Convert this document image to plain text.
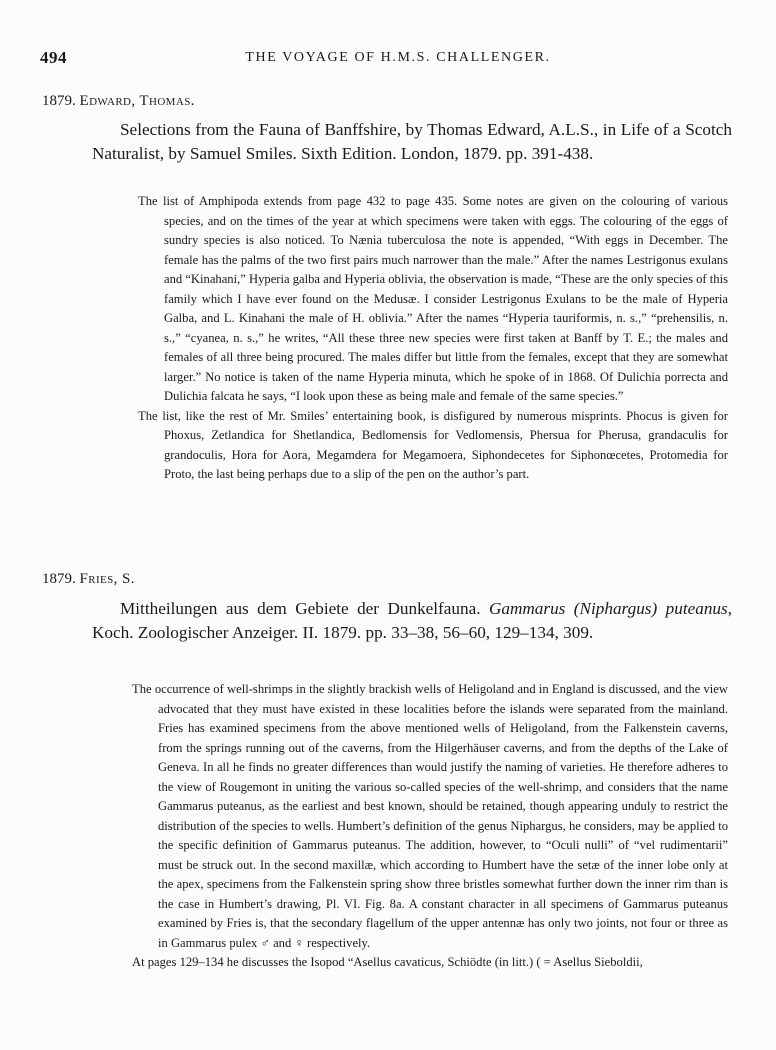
494	THE VOYAGE OF H.M.S. CHALLENGER.
1879. Edward, Thomas.
Selections from the Fauna of Banffshire, by Thomas Edward, A.L.S., in Life of a Scotch Naturalist, by Samuel Smiles. Sixth Edition. London, 1879. pp. 391-438.

The list of Amphipoda extends from page 432 to page 435. Some notes are given on the colouring of various species, and on the times of the year at which specimens were taken with eggs. The colouring of the eggs of sundry species is also noticed. To Nænia tuberculosa the note is appended, “With eggs in December. The female has the palms of the two first pairs much narrower than the male.” After the names Lestrigonus exulans and “Kinahani,” Hyperia galba and Hyperia oblivia, the observation is made, “These are the only species of this family which I have ever found on the Medusæ. I consider Lestrigonus Exulans to be the male of Hyperia Galba, and L. Kinahani the male of H. oblivia.” After the names “Hyperia tauriformis, n. s.,” “prehensilis, n. s.,” “cyanea, n. s.,” he writes, “All these three new species were first taken at Banff by T. E.; the males and females of all three being procured. The males differ but little from the females, except that they are somewhat larger.” No notice is taken of the name Hyperia minuta, which he spoke of in 1868. Of Dulichia porrecta and Dulichia falcata he says, “I look upon these as being male and female of the same species.”

The list, like the rest of Mr. Smiles’ entertaining book, is disfigured by numerous misprints. Phocus is given for Phoxus, Zetlandica for Shetlandica, Bedlomensis for Vedlomensis, Phersua for Pherusa, grandaculis for grandoculis, Hora for Aora, Megamdera for Megamoera, Siphondecetes for Siphonœcetes, Protomedia for Proto, the last being perhaps due to a slip of the pen on the author’s part.

1879. Fries, S.
Mittheilungen aus dem Gebiete der Dunkelfauna. Gammarus (Niphargus) puteanus, Koch. Zoologischer Anzeiger. II. 1879. pp. 33–38, 56–60, 129–134, 309.

The occurrence of well-shrimps in the slightly brackish wells of Heligoland and in England is discussed, and the view advocated that they must have existed in these localities before the islands were separated from the mainland. Fries has examined specimens from the above mentioned wells of Heligoland, from the Falkenstein caverns, from the springs running out of the caverns, from the Hilgerhäuser caverns, and from the depths of the Lake of Geneva. In all he finds no greater differences than would justify the naming of varieties. He therefore adheres to the view of Rougemont in uniting the various so-called species of the well-shrimp, and considers that the name Gammarus puteanus, as the earliest and best known, should be retained, though appearing unduly to restrict the distribution of the species to wells. Humbert’s definition of the genus Niphargus, he considers, may be applied to the specific definition of Gammarus puteanus. The addition, however, to “Oculi nulli” of “vel rudimentarii” must be struck out. In the second maxillæ, which according to Humbert have the setæ of the inner lobe only at the apex, specimens from the Falkenstein spring show three bristles somewhat further down the inner rim than is the case in Humbert’s drawing, Pl. VI. Fig. 8a. A constant character in all specimens of Gammarus puteanus examined by Fries is, that the secondary flagellum of the upper antennæ has only two joints, not four or three as in Gammarus pulex ♂ and ♀ respectively.

At pages 129–134 he discusses the Isopod “Asellus cavaticus, Schiödte (in litt.) ( = Asellus Sieboldii,
